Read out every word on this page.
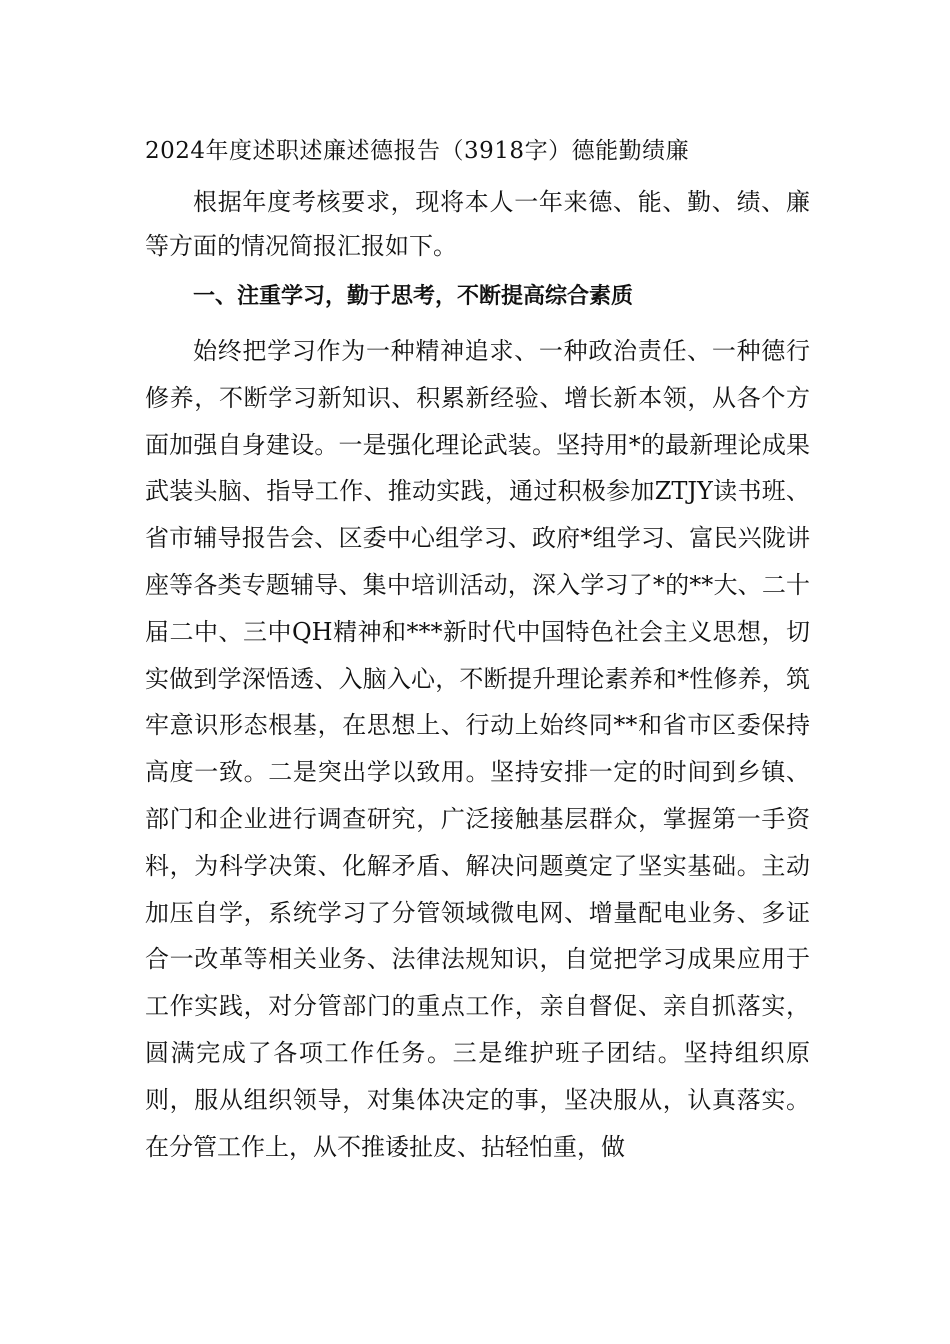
2024年度述职述廉述德报告（3918字）德能勤绩廉

根据年度考核要求，现将本人一年来德、能、勤、绩、廉等方面的情况简报汇报如下。

一、注重学习，勤于思考，不断提高综合素质

始终把学习作为一种精神追求、一种政治责任、一种德行修养，不断学习新知识、积累新经验、增长新本领，从各个方面加强自身建设。一是强化理论武装。坚持用*的最新理论成果武装头脑、指导工作、推动实践，通过积极参加ZTJY读书班、省市辅导报告会、区委中心组学习、政府*组学习、富民兴陇讲座等各类专题辅导、集中培训活动，深入学习了*的**大、二十届二中、三中QH精神和***新时代中国特色社会主义思想，切实做到学深悟透、入脑入心，不断提升理论素养和*性修养，筑牢意识形态根基，在思想上、行动上始终同**和省市区委保持高度一致。二是突出学以致用。坚持安排一定的时间到乡镇、部门和企业进行调查研究，广泛接触基层群众，掌握第一手资料，为科学决策、化解矛盾、解决问题奠定了坚实基础。主动加压自学，系统学习了分管领域微电网、增量配电业务、多证合一改革等相关业务、法律法规知识，自觉把学习成果应用于工作实践，对分管部门的重点工作，亲自督促、亲自抓落实，圆满完成了各项工作任务。三是维护班子团结。坚持组织原则，服从组织领导，对集体决定的事，坚决服从，认真落实。在分管工作上，从不推诿扯皮、拈轻怕重，做
